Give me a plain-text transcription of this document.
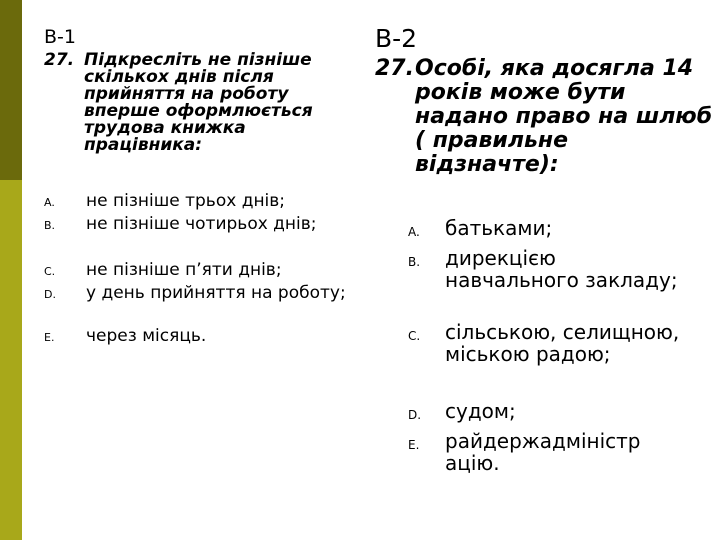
В-1
27. Підкресліть не пізніше скількох днів після прийняття на роботу вперше оформлюється трудова книжка працівника:
A. не пізніше трьох днів;
B. не пізніше чотирьох днів;
C. не пізніше п’яти днів;
D. у день прийняття на роботу;
E. через місяць.
В-2
27. Особі, яка досягла 14 років може бути надано право на шлюб ( правильне відзначте):
A. батьками;
B. дирекцією навчального закладу;
C. сільською, селищною, міською радою;
D. судом;
E. райдержадміністр ацію.
